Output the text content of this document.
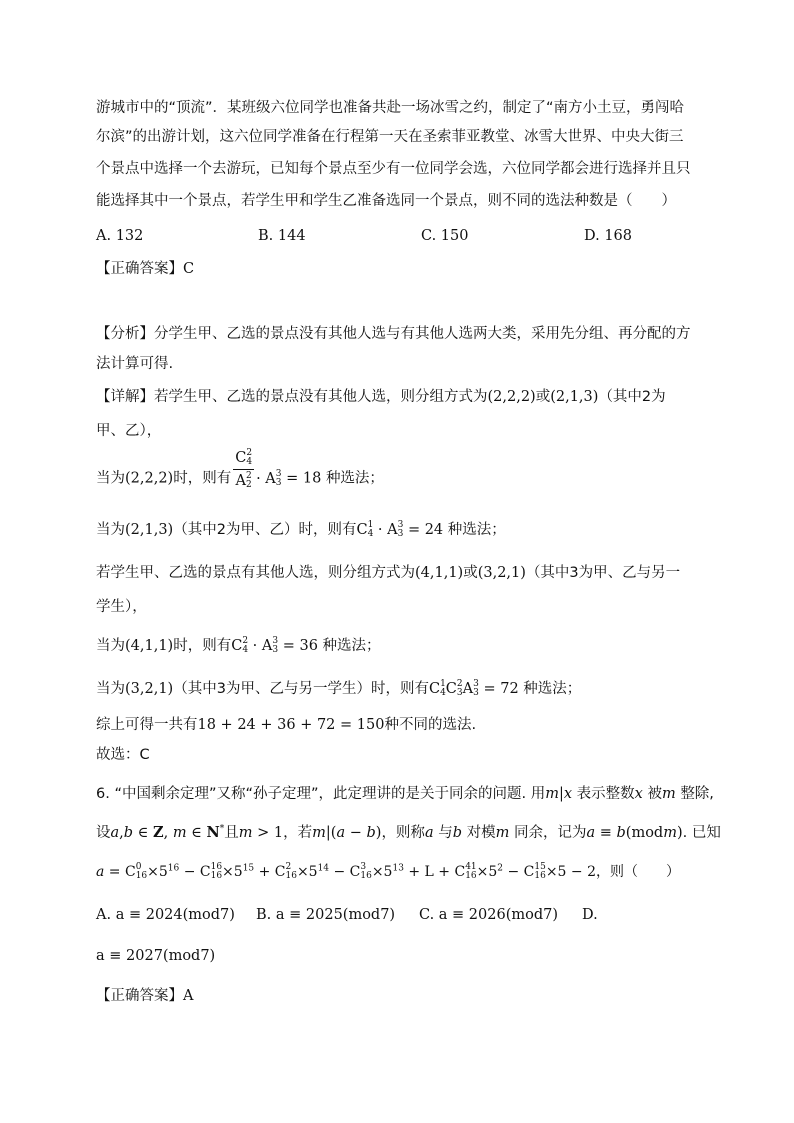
游城市中的“顶流”．某班级六位同学也准备共赴一场冰雪之约，制定了“南方小土豆，勇闯哈
尔滨”的出游计划，这六位同学准备在行程第一天在圣索菲亚教堂、冰雪大世界、中央大街三
个景点中选择一个去游玩，已知每个景点至少有一位同学会选，六位同学都会进行选择并且只
能选择其中一个景点，若学生甲和学生乙准备选同一个景点，则不同的选法种数是（　　）
A. 132	B. 144	C. 150	D. 168
【正确答案】C
【分析】分学生甲、乙选的景点没有其他人选与有其他人选两大类，采用先分组、再分配的方
法计算可得.
【详解】若学生甲、乙选的景点没有其他人选，则分组方式为(2,2,2)或(2,1,3)（其中2为
甲、乙），
当为(2,2,2)时，则有 C 2
4
A 2
2 · A 3
3 = 18 种选法；
当为(2,1,3)（其中2为甲、乙）时，则有C 1
4 · A 3
3 = 24 种选法；
若学生甲、乙选的景点有其他人选，则分组方式为(4,1,1)或(3,2,1)（其中3为甲、乙与另一
学生），
当为(4,1,1)时，则有C 2
4 · A 3
3 = 36 种选法；
当为(3,2,1)（其中3为甲、乙与另一学生）时，则有C 1
4 C 2
3 A 3
3 = 72 种选法；
综上可得一共有18 + 24 + 36 + 72 = 150种不同的选法.
故选：C
6. “中国剩余定理”又称“孙子定理”，此定理讲的是关于同余的问题. 用m|x 表示整数x 被m 整除,
设a,b ∈ Z, m ∈ N*且m > 1，若m|(a − b)，则称a 与b 对模m 同余，记为a ≡ b(modm). 已知
a = C 0
$16 \times 5^{16} - C$ 16
$16 \times 5^{15} + C$ 2
$16 \times 5^{14} - C$ 3
$16 \times 5^{13} + L + C$ 41
$16 \times 5^2 - C$ 15
16 ×5 − 2，则（　　）
A. a ≡ 2024(mod7) B. a ≡ 2025(mod7) C. a ≡ 2026(mod7) D.
a ≡ 2027(mod7)
【正确答案】A
